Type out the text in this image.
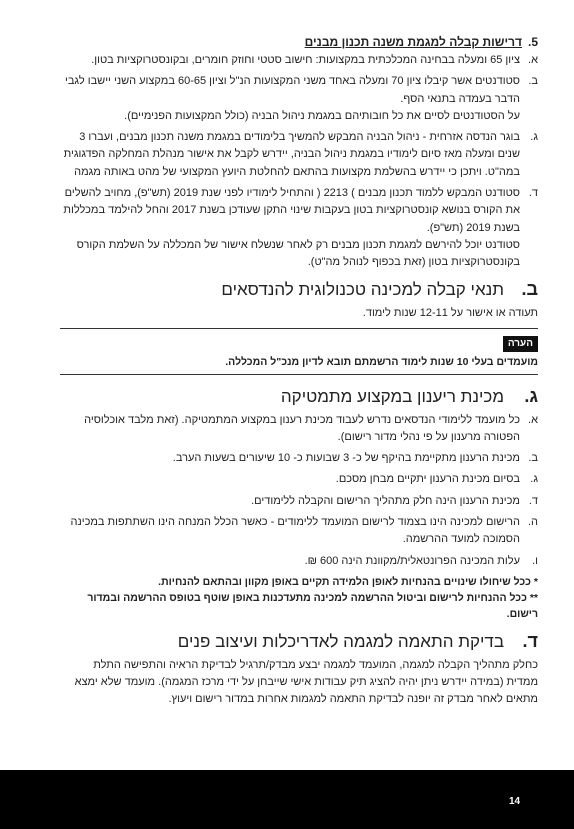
5.
דרישות קבלה למגמת משנה תכנון מבנים
א.

ציון 65 ומעלה בבחינה המכלכתית במקצועות: חישוב סטטי וחוזק חומרים, ובקונסטרוקציות בטון.

ב.

סטודנטים אשר קיבלו ציון 70 ומעלה באחד משני המקצועות הנ"ל וציון 60-65 במקצוע השני יישבו לגבי הדבר בעמדה בתנאי הסף.

על הסטודנטים לסיים את כל חובותיהם במגמת ניהול הבניה (כולל המקצועות הפנימיים).

ג.

בוגר הנדסה אזרחית - ניהול הבניה המבקש להמשיך בלימודים במגמת משנה תכנון מבנים, ועברו 3 שנים ומעלה מאז סיום לימודיו במגמת ניהול הבניה, יידרש לקבל את אישור מנהלת המחלקה הפדגוגית במה"ט. ויתכן כי יידרש בהשלמת מקצועות בהתאם להחלטת היועץ המקצועי של מהט באותה מגמה

ד.

סטודנט המבקש ללמוד תכנון מבנים ) 2213 ( והתחיל לימודיו לפני שנת 2019 (תש"פ), מחויב להשלים את הקורס בנושא קונסטרוקציות בטון בעקבות שינוי התקן שעודכן בשנת 2017 והחל להילמד במכללות בשנת 2019 (תש"פ).

סטודנט יוכל להירשם למגמת תכנון מבנים רק לאחר שנשלח אישור של המכללה על השלמת הקורס בקונסטרוקציות בטון (זאת בכפוף לנוהל מה"ט).

ב.
תנאי קבלה למכינה טכנולוגית להנדסאים

תעודה או אישור על 12-11 שנות לימוד.

הערה
מועמדים בעלי 10 שנות לימוד הרשמתם תובא לדיון מנכ"ל המכללה.
ג.
מכינת ריענון במקצוע מתמטיקה
א.

כל מועמד ללימודי הנדסאים נדרש לעבוד מכינת רענון במקצוע המתמטיקה. (זאת מלבד אוכלוסיה הפטורה מרענון על פי נהלי מדור רישום).

ב.

מכינת הרענון מתקיימת בהיקף של כ- 3 שבועות כ- 10 שיעורים בשעות הערב.

ג.

בסיום מכינת הרענון יתקיים מבחן מסכם.

ד.

מכינת הרענון הינה חלק מתהליך הרישום והקבלה ללימודים.

ה.

הרישום למכינה הינו בצמוד לרישום המועמד ללימודים - כאשר הכלל המנחה הינו השתתפות במכינה הסמוכה למועד ההרשמה.

ו.

עלות המכינה הפרונטאלית/מקוונת הינה 600 ₪.

* ככל שיחולו שינויים בהנחיות לאופן הלמידה תקיים באופן מקוון ובהתאם להנחיות.

** ככל ההנחיות לרישום וביטול ההרשמה למכינה מתעדכנות באופן שוטף בטופס ההרשמה ובמדור רישום.

ד.
בדיקת התאמה למגמה לאדריכלות ועיצוב פנים

כחלק מתהליך הקבלה למגמה, המועמד למגמה יבצע מבדק/תרגיל לבדיקת הראיה והתפישה התלת ממדית (במידה יידרש ניתן יהיה להציג תיק עבודות אישי שייבחן על ידי מרכז המגמה). מועמד שלא ימצא מתאים לאחר מבדק זה יופנה לבדיקת התאמה למגמות אחרות במדור רישום ויעוץ.

14
